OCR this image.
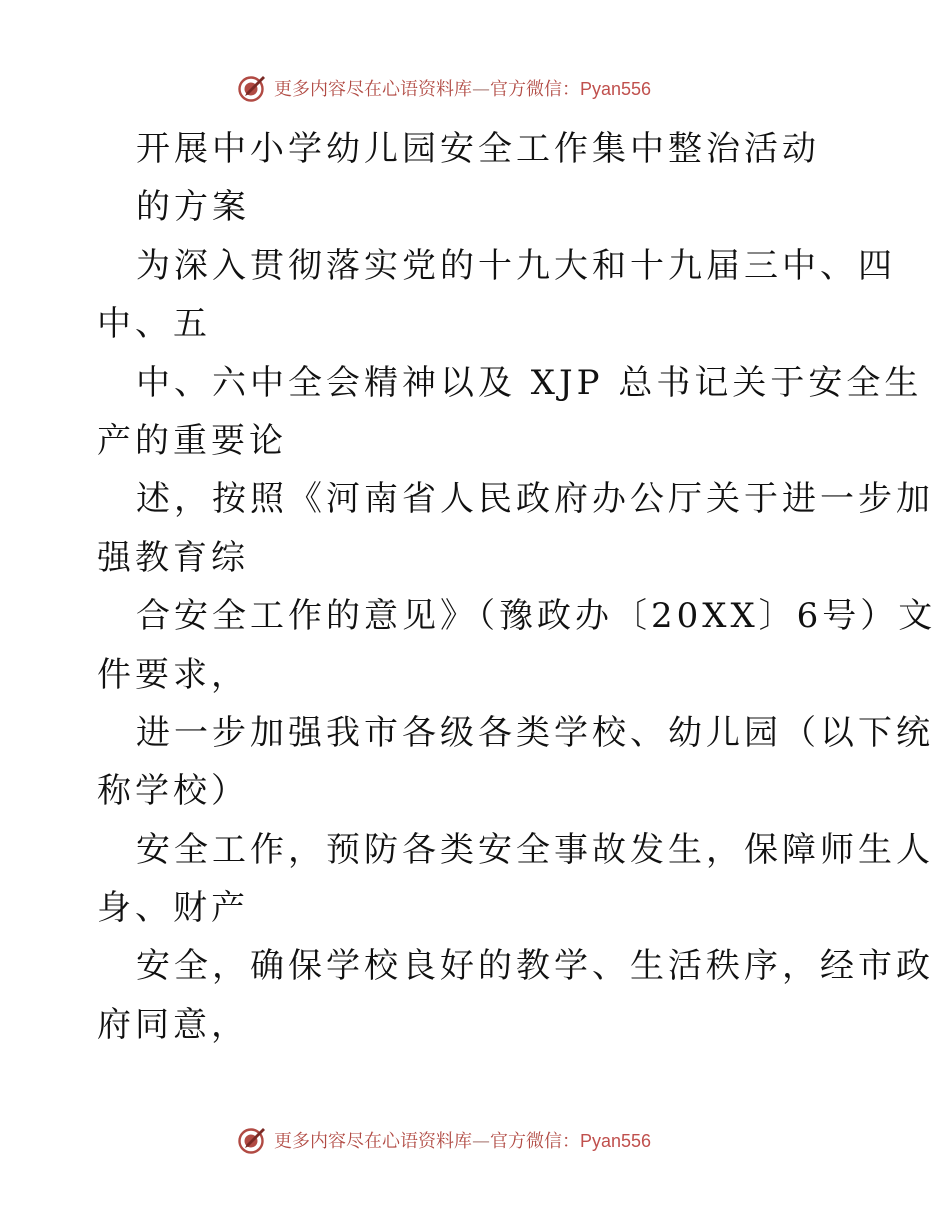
更多内容尽在心语资料库—官方微信：Pyan556
开展中小学幼儿园安全工作集中整治活动
的方案
为深入贯彻落实党的十九大和十九届三中、四
中、五
中、六中全会精神以及 XJP 总书记关于安全生
产的重要论
述，按照《河南省人民政府办公厅关于进一步加
强教育综
合安全工作的意见》（豫政办〔20XX〕6号）文
件要求，
进一步加强我市各级各类学校、幼儿园（以下统
称学校）
安全工作，预防各类安全事故发生，保障师生人
身、财产
安全，确保学校良好的教学、生活秩序，经市政
府同意，
更多内容尽在心语资料库—官方微信：Pyan556
